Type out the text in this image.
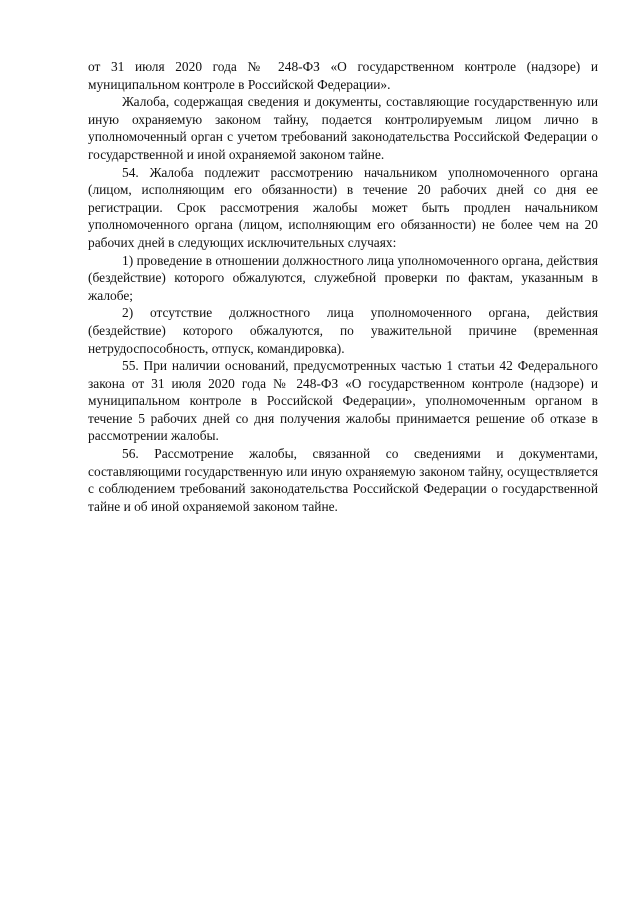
от 31 июля 2020 года № 248-ФЗ «О государственном контроле (надзоре) и муниципальном контроле в Российской Федерации».

Жалоба, содержащая сведения и документы, составляющие государственную или иную охраняемую законом тайну, подается контролируемым лицом лично в уполномоченный орган с учетом требований законодательства Российской Федерации о государственной и иной охраняемой законом тайне.

54. Жалоба подлежит рассмотрению начальником уполномоченного органа (лицом, исполняющим его обязанности) в течение 20 рабочих дней со дня ее регистрации. Срок рассмотрения жалобы может быть продлен начальником уполномоченного органа (лицом, исполняющим его обязанности) не более чем на 20 рабочих дней в следующих исключительных случаях:

1) проведение в отношении должностного лица уполномоченного органа, действия (бездействие) которого обжалуются, служебной проверки по фактам, указанным в жалобе;

2) отсутствие должностного лица уполномоченного органа, действия (бездействие) которого обжалуются, по уважительной причине (временная нетрудоспособность, отпуск, командировка).

55. При наличии оснований, предусмотренных частью 1 статьи 42 Федерального закона от 31 июля 2020 года № 248-ФЗ «О государственном контроле (надзоре) и муниципальном контроле в Российской Федерации», уполномоченным органом в течение 5 рабочих дней со дня получения жалобы принимается решение об отказе в рассмотрении жалобы.

56. Рассмотрение жалобы, связанной со сведениями и документами, составляющими государственную или иную охраняемую законом тайну, осуществляется с соблюдением требований законодательства Российской Федерации о государственной тайне и об иной охраняемой законом тайне.
